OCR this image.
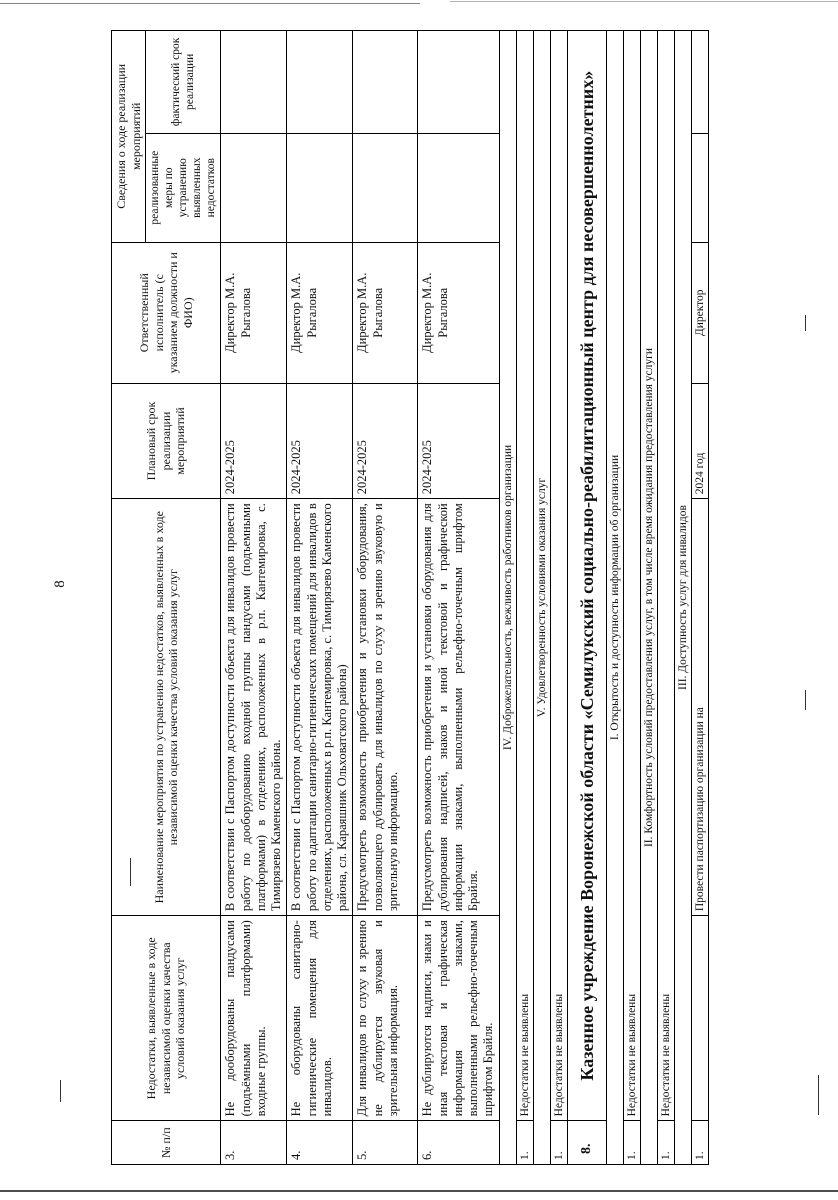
8
№ п/п	Недостатки, выявленные в ходе независимой оценки качества условий оказания услуг	Наименование мероприятия по устранению недостатков, выявленных в ходе независимой оценки качества условий оказания услуг	Плановый срок реализации мероприятий	Ответственный исполнитель (с указанием должности и ФИО)	Сведения о ходе реализации мероприятий	
					реализованные меры по устранению выявленных недостатков	фактический срок реализации
3.	Не дооборудованы пандусами (подъёмными платформами) входные группы.	В соответствии с Паспортом доступности объекта для инвалидов провести работу по дооборудованию входной группы пандусами (подъемными платформами) в отделениях, расположенных в р.п. Кантемировка, с. Тимирязево Каменского района.	2024-2025	Директор М.А. Рыгалова		
4.	Не оборудованы санитарно-гигиенические помещения для инвалидов.	В соответствии с Паспортом доступности объекта для инвалидов провести работу по адаптации санитарно-гигиенических помещений для инвалидов в отделениях, расположенных в р.п. Кантемировка, с. Тимирязево Каменского района, сл. Караяшник Ольховатского района)	2024-2025	Директор М.А. Рыгалова		
5.	Для инвалидов по слуху и зрению не дублируется звуковая и зрительная информация.	Предусмотреть возможность приобретения и установки оборудования, позволяющего дублировать для инвалидов по слуху и зрению звуковую и зрительную информацию.	2024-2025	Директор М.А. Рыгалова		
6.	Не дублируются надписи, знаки и иная текстовая и графическая информация знаками, выполненными рельефно-точечным шрифтом Брайля.	Предусмотреть возможность приобретения и установки оборудования для дублирования надписей, знаков и иной текстовой и графической информации знаками, выполненными рельефно-точечным шрифтом Брайля.	2024-2025	Директор М.А. Рыгалова		
IV. Доброжелательность, вежливость работников организации						
1.	Недостатки не выявлены					
V. Удовлетворенность условиями оказания услуг						
1.	Недостатки не выявлены					
8.	Казенное учреждение Воронежской области «Семилукский социально-реабилитационный центр для несовершеннолетних»					
I. Открытость и доступность информации об организации						
1.	Недостатки не выявлены					
II. Комфортность условий предоставления услуг, в том числе время ожидания предоставления услуги						
1.	Недостатки не выявлены					
III. Доступность услуг для инвалидов						
1.		Провести паспортизацию организации на	2024 год	Директор		
